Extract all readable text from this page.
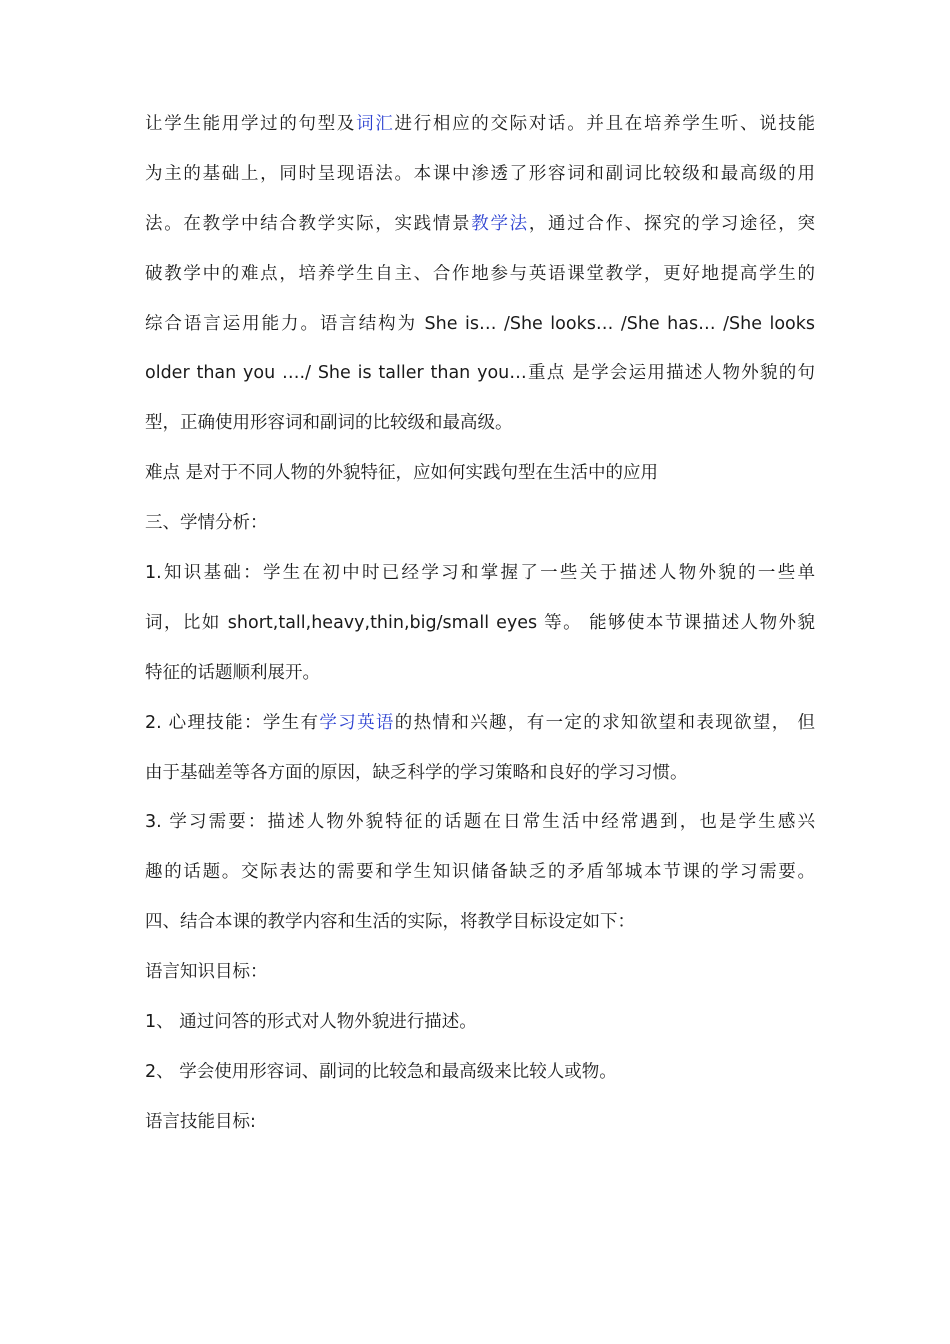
让学生能用学过的句型及词汇进行相应的交际对话。并且在培养学生听、说技能
为主的基础上，同时呈现语法。本课中渗透了形容词和副词比较级和最高级的用
法。在教学中结合教学实际，实践情景教学法，通过合作、探究的学习途径，突
破教学中的难点，培养学生自主、合作地参与英语课堂教学，更好地提高学生的
综合语言运用能力。语言结构为 She is… /She looks… /She has… /She looks
older than you …./ She is taller than you…重点 是学会运用描述人物外貌的句
型，正确使用形容词和副词的比较级和最高级。
难点 是对于不同人物的外貌特征，应如何实践句型在生活中的应用
三、学情分析：
1.知识基础：学生在初中时已经学习和掌握了一些关于描述人物外貌的一些单
词，比如 short,tall,heavy,thin,big/small eyes 等。 能够使本节课描述人物外貌
特征的话题顺利展开。
2. 心理技能：学生有学习英语的热情和兴趣，有一定的求知欲望和表现欲望， 但
由于基础差等各方面的原因，缺乏科学的学习策略和良好的学习习惯。
3. 学习需要：描述人物外貌特征的话题在日常生活中经常遇到，也是学生感兴
趣的话题。交际表达的需要和学生知识储备缺乏的矛盾邹城本节课的学习需要。
四、结合本课的教学内容和生活的实际，将教学目标设定如下：
语言知识目标：
1、 通过问答的形式对人物外貌进行描述。
2、 学会使用形容词、副词的比较急和最高级来比较人或物。
语言技能目标:
